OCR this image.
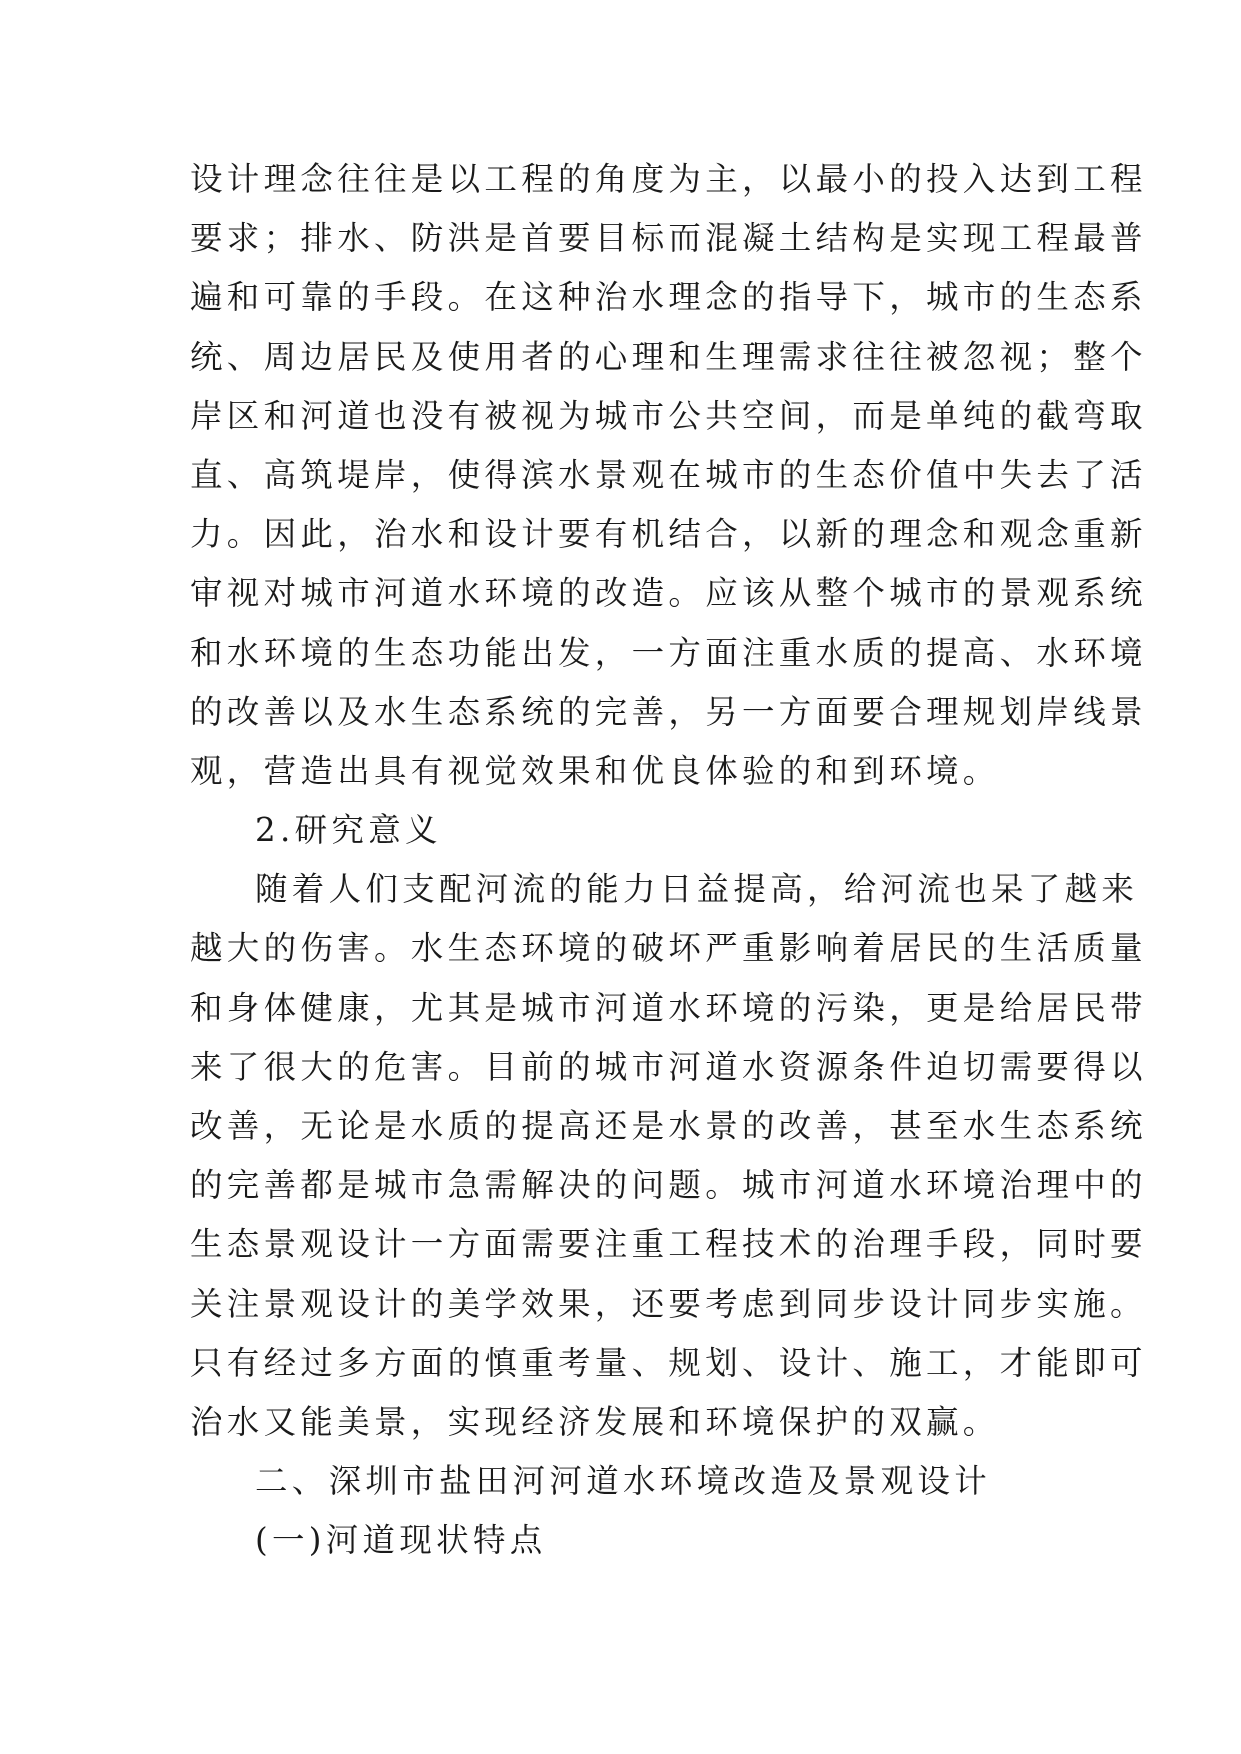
设计理念往往是以工程的角度为主，以最小的投入达到工程
要求；排水、防洪是首要目标而混凝土结构是实现工程最普
遍和可靠的手段。在这种治水理念的指导下，城市的生态系
统、周边居民及使用者的心理和生理需求往往被忽视；整个
岸区和河道也没有被视为城市公共空间，而是单纯的截弯取
直、高筑堤岸，使得滨水景观在城市的生态价值中失去了活
力。因此，治水和设计要有机结合，以新的理念和观念重新
审视对城市河道水环境的改造。应该从整个城市的景观系统
和水环境的生态功能出发，一方面注重水质的提高、水环境
的改善以及水生态系统的完善，另一方面要合理规划岸线景
观，营造出具有视觉效果和优良体验的和到环境。
2.研究意义
随着人们支配河流的能力日益提高，给河流也呆了越来
越大的伤害。水生态环境的破坏严重影响着居民的生活质量
和身体健康，尤其是城市河道水环境的污染，更是给居民带
来了很大的危害。目前的城市河道水资源条件迫切需要得以
改善，无论是水质的提高还是水景的改善，甚至水生态系统
的完善都是城市急需解决的问题。城市河道水环境治理中的
生态景观设计一方面需要注重工程技术的治理手段，同时要
关注景观设计的美学效果，还要考虑到同步设计同步实施。
只有经过多方面的慎重考量、规划、设计、施工，才能即可
治水又能美景，实现经济发展和环境保护的双赢。
二、深圳市盐田河河道水环境改造及景观设计
(一)河道现状特点
